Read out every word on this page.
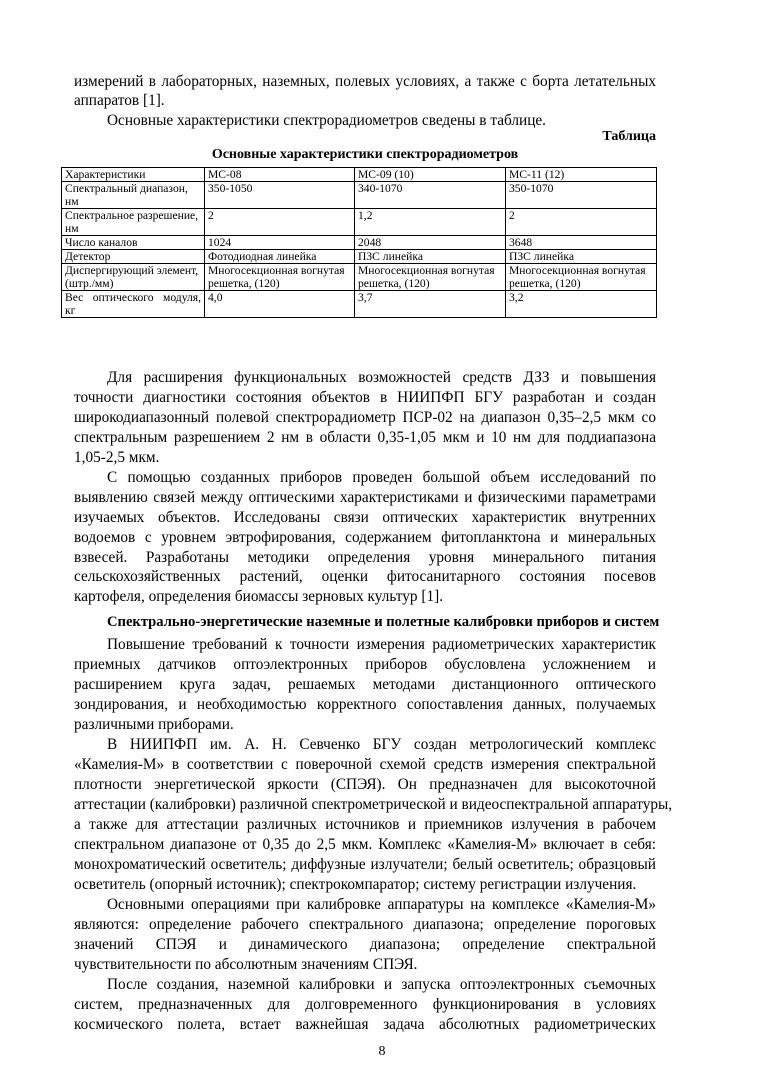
измерений в лабораторных, наземных, полевых условиях, а также с борта летательных
аппаратов [1].
Основные характеристики спектрорадиометров сведены в таблице.
Таблица
Основные характеристики спектрорадиометров
Характеристики	МС-08	МС-09 (10)	МС-11 (12)
Спектральный диапазон, нм	350-1050	340-1070	350-1070
Спектральное разрешение, нм	2	1,2	2
Число каналов	1024	2048	3648
Детектор	Фотодиодная линейка	ПЗС линейка	ПЗС линейка
Диспергирующий элемент, (штр./мм)	Многосекционная вогнутая решетка, (120)	Многосекционная вогнутая решетка, (120)	Многосекционная вогнутая решетка, (120)
Вес оптического модуля, кг	4,0	3,7	3,2
Для расширения функциональных возможностей средств ДЗЗ и повышения
точности диагностики состояния объектов в НИИПФП БГУ разработан и создан
широкодиапазонный полевой спектрорадиометр ПСР-02 на диапазон 0,35–2,5 мкм со
спектральным разрешением 2 нм в области 0,35-1,05 мкм и 10 нм для поддиапазона
1,05-2,5 мкм.
С помощью созданных приборов проведен большой объем исследований по
выявлению связей между оптическими характеристиками и физическими параметрами
изучаемых объектов. Исследованы связи оптических характеристик внутренних
водоемов с уровнем эвтрофирования, содержанием фитопланктона и минеральных
взвесей. Разработаны методики определения уровня минерального питания
сельскохозяйственных растений, оценки фитосанитарного состояния посевов
картофеля, определения биомассы зерновых культур [1].
Спектрально-энергетические наземные и полетные калибровки приборов и систем
Повышение требований к точности измерения радиометрических характеристик
приемных датчиков оптоэлектронных приборов обусловлена усложнением и
расширением круга задач, решаемых методами дистанционного оптического
зондирования, и необходимостью корректного сопоставления данных, получаемых
различными приборами.
В НИИПФП им. А. Н. Севченко БГУ создан метрологический комплекс
«Камелия-М» в соответствии с поверочной схемой средств измерения спектральной
плотности энергетической яркости (СПЭЯ). Он предназначен для высокоточной
аттестации (калибровки) различной спектрометрической и видеоспектральной аппаратуры,
а также для аттестации различных источников и приемников излучения в рабочем
спектральном диапазоне от 0,35 до 2,5 мкм. Комплекс «Камелия-М» включает в себя:
монохроматический осветитель; диффузные излучатели; белый осветитель; образцовый
осветитель (опорный источник); спектрокомпаратор; систему регистрации излучения.
Основными операциями при калибровке аппаратуры на комплексе «Камелия-М»
являются: определение рабочего спектрального диапазона; определение пороговых
значений СПЭЯ и динамического диапазона; определение спектральной
чувствительности по абсолютным значениям СПЭЯ.
После создания, наземной калибровки и запуска оптоэлектронных съемочных
систем, предназначенных для долговременного функционирования в условиях
космического полета, встает важнейшая задача абсолютных радиометрических
8
